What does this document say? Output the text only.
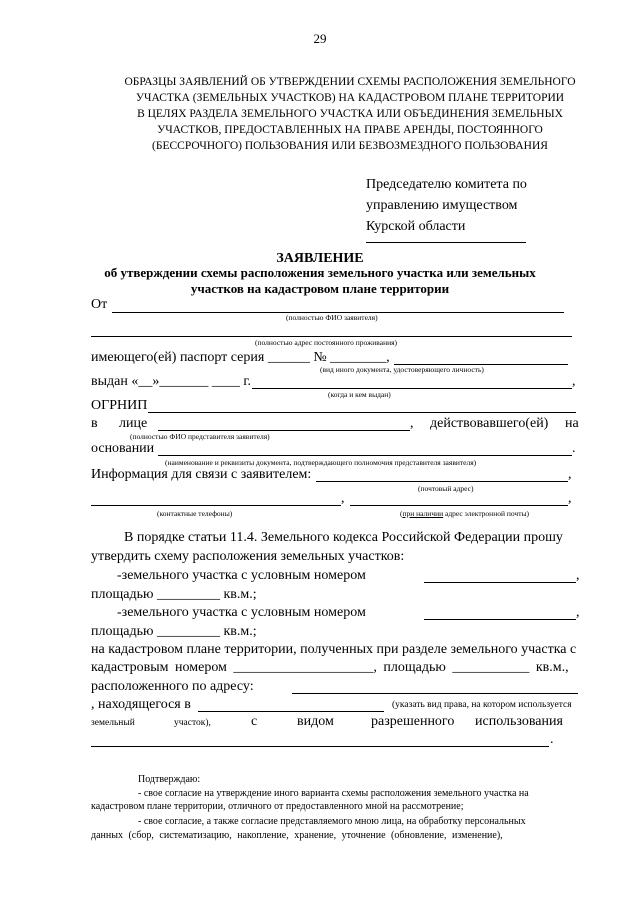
29
ОБРАЗЦЫ ЗАЯВЛЕНИЙ ОБ УТВЕРЖДЕНИИ СХЕМЫ РАСПОЛОЖЕНИЯ ЗЕМЕЛЬНОГО
УЧАСТКА (ЗЕМЕЛЬНЫХ УЧАСТКОВ) НА КАДАСТРОВОМ ПЛАНЕ ТЕРРИТОРИИ
В ЦЕЛЯХ РАЗДЕЛА ЗЕМЕЛЬНОГО УЧАСТКА ИЛИ ОБЪЕДИНЕНИЯ ЗЕМЕЛЬНЫХ
УЧАСТКОВ, ПРЕДОСТАВЛЕННЫХ НА ПРАВЕ АРЕНДЫ, ПОСТОЯННОГО
(БЕССРОЧНОГО) ПОЛЬЗОВАНИЯ ИЛИ БЕЗВОЗМЕЗДНОГО ПОЛЬЗОВАНИЯ
Председателю комитета по
управлению имуществом
Курской области
ЗАЯВЛЕНИЕ
об утверждении схемы расположения земельного участка или земельных
участков на кадастровом плане территории
От
(полностью ФИО заявителя)
(полностью адрес постоянного проживания)
имеющего(ей) паспорт серия ______ № ________,
(вид иного документа, удостоверяющего личность)
выдан «__»_______ ____ г.	,
(когда и кем выдан)
ОГРНИП
в лице	, действовавшего(ей) на
(полностью ФИО представителя заявителя)
основании	.
(наименование и реквизиты документа, подтверждающего полномочия представителя заявителя)
Информация для связи с заявителем:	,
(почтовый адрес)
,	,
(контактные телефоны)	(при наличии адрес электронной почты)
В порядке статьи 11.4. Земельного кодекса Российской Федерации прошу
утвердить схему расположения земельных участков:
-земельного участка с условным номером	,
площадью _________ кв.м.;
-земельного участка с условным номером	,
площадью _________ кв.м.;
на кадастровом плане территории, полученных при разделе земельного участка с
кадастровым номером ____________________, площадью ___________ кв.м.,
расположенного по адресу:
, находящегося в	(указать вид права, на котором используется
земельный	участок),	с	видом	разрешенного использования
.
Подтверждаю:
- свое согласие на утверждение иного варианта схемы расположения земельного участка на
кадастровом плане территории, отличного от предоставленного мной на рассмотрение;
- свое согласие, а также согласие представляемого мною лица, на обработку персональных
данных (сбор, систематизацию, накопление, хранение, уточнение (обновление, изменение),
